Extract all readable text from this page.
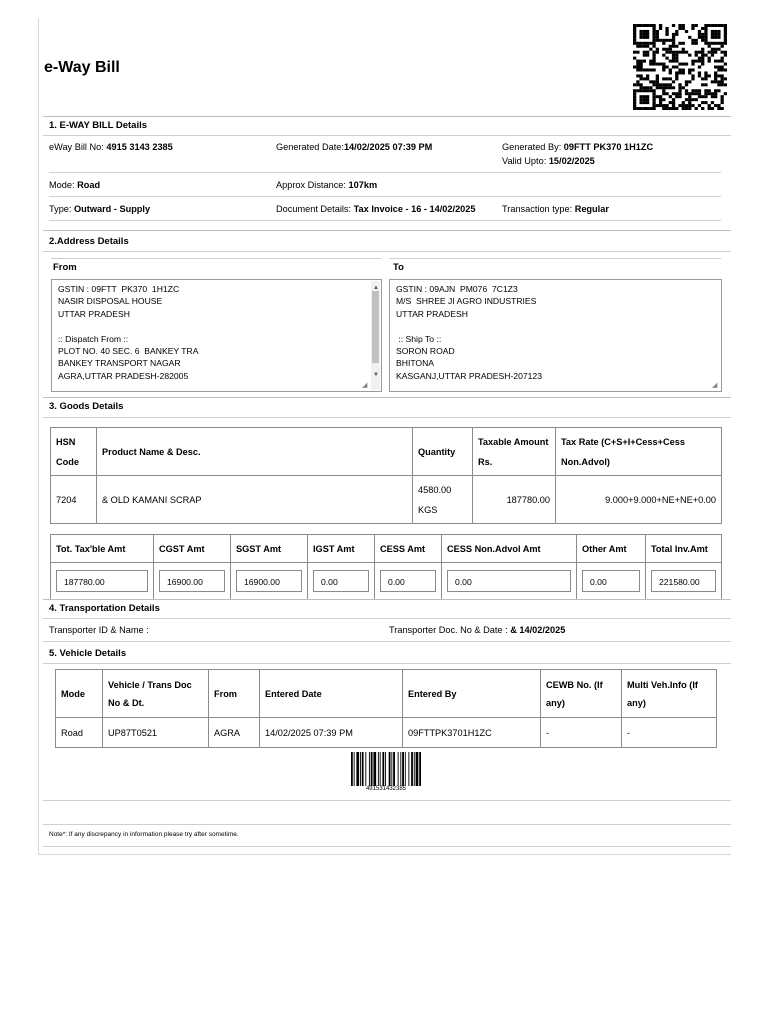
e-Way Bill
1. E-WAY BILL Details
eWay Bill No: 4915 3143 2385	Generated Date:14/02/2025 07:39 PM	Generated By: 09FTT PK370 1H1ZC
Valid Upto: 15/02/2025
Mode: Road	Approx Distance: 107km
Type: Outward - Supply	Document Details: Tax Invoice - 16 - 14/02/2025	Transaction type: Regular
2.Address Details
From	To
GSTIN : 09FTT  PK370  1H1ZC
NASIR DISPOSAL HOUSE
UTTAR PRADESH
:: Dispatch From ::
PLOT NO. 40 SEC. 6  BANKEY TRA
BANKEY TRANSPORT NAGAR
AGRA,UTTAR PRADESH-282005
▲
▼
◢
GSTIN : 09AJN  PM076  7C1Z3
M/S  SHREE JI AGRO INDUSTRIES
UTTAR PRADESH
:: Ship To ::
SORON ROAD
BHITONA
KASGANJ,UTTAR PRADESH-207123
◢
3. Goods Details
HSN Code	Product Name & Desc.	Quantity	Taxable Amount Rs.	Tax Rate (C+S+I+Cess+Cess Non.Advol)
7204	& OLD KAMANI SCRAP	4580.00 KGS	187780.00	9.000+9.000+NE+NE+0.00
Tot. Tax'ble Amt	CGST Amt	SGST Amt	IGST Amt	CESS Amt	CESS Non.Advol Amt	Other Amt	Total Inv.Amt

187780.00	16900.00	16900.00	0.00	0.00	0.00	0.00	221580.00
4. Transportation Details
Transporter ID & Name :	Transporter Doc. No & Date : & 14/02/2025
5. Vehicle Details
Mode	Vehicle / Trans Doc No & Dt.	From	Entered Date	Entered By	CEWB No. (If any)	Multi Veh.Info (If any)
Road	UP87T0521	AGRA	14/02/2025 07:39 PM	09FTTPK3701H1ZC	-	-
491531432385
Note*: If any discrepancy in information please try after sometime.
